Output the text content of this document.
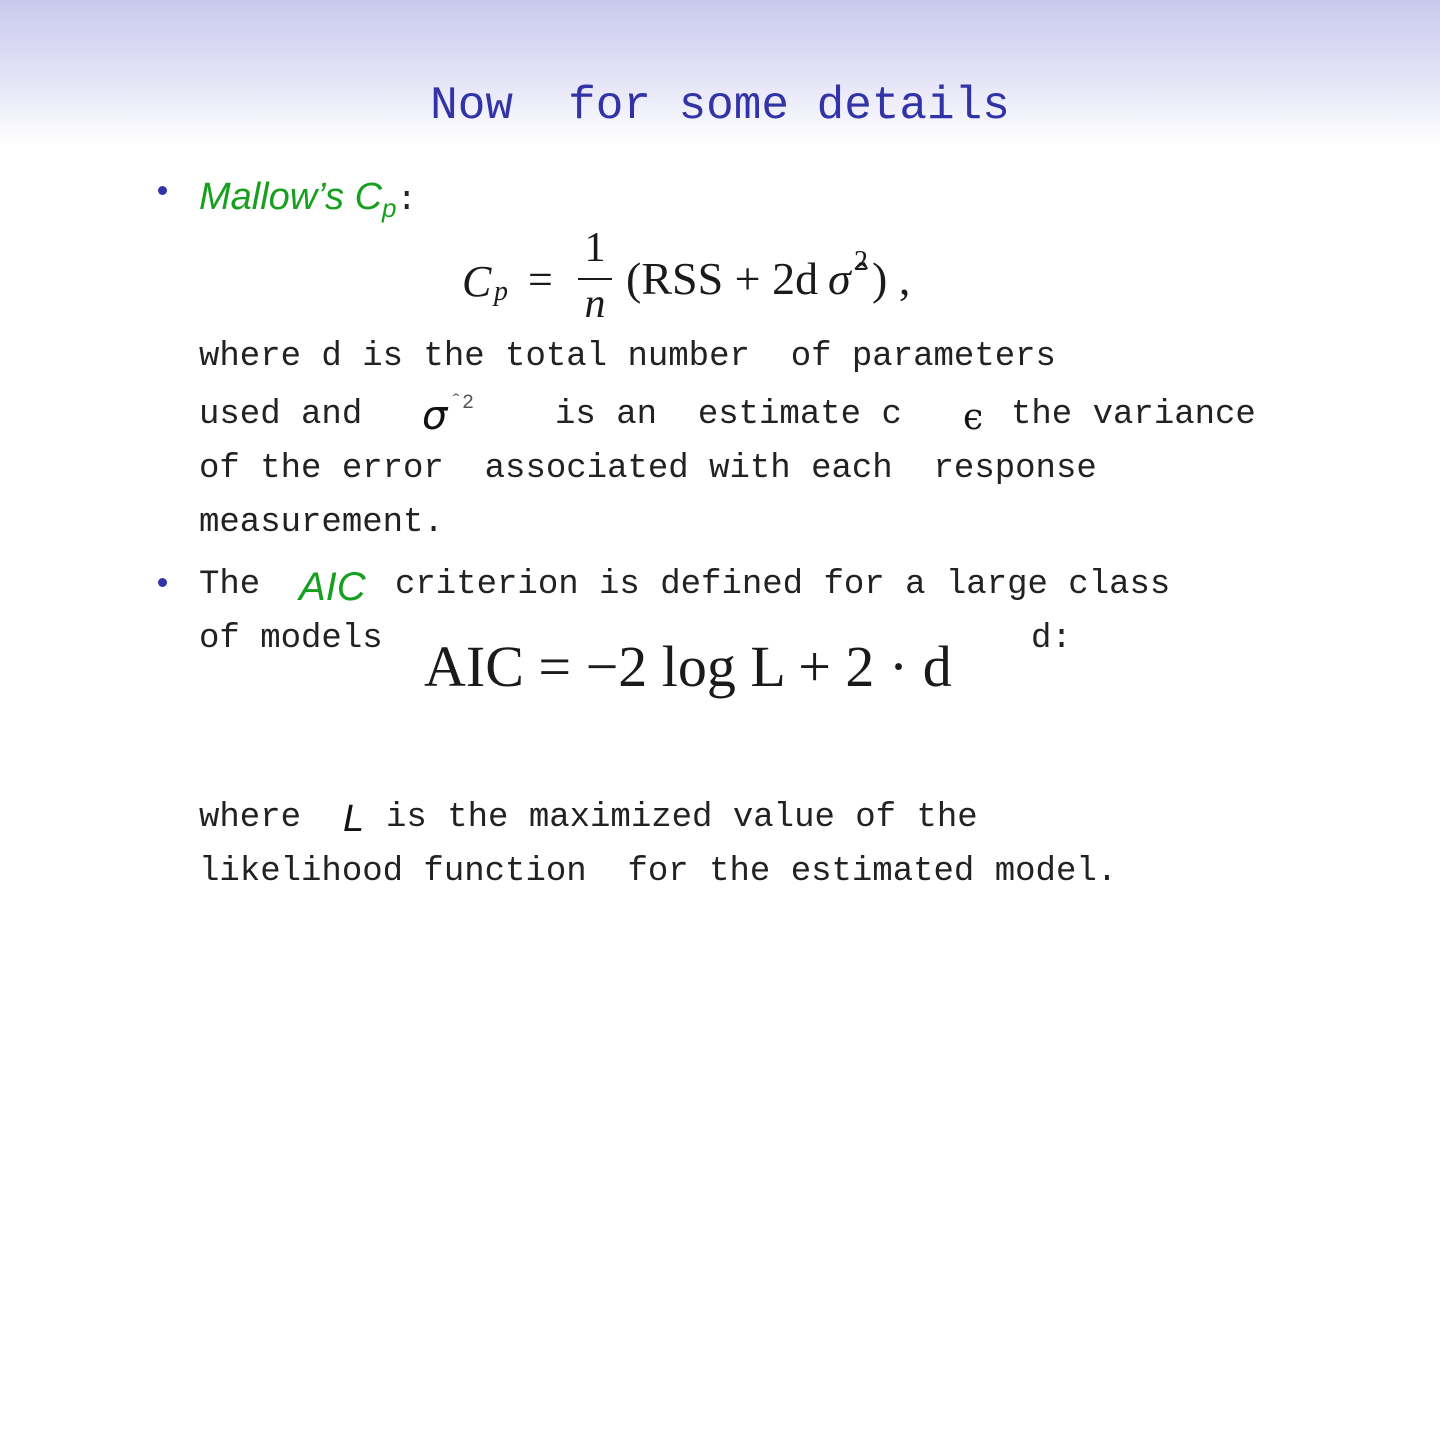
Now  for some details
Mallow’s $C_p$:
C p =
1
n (RSS + 2d σ̂ 2 ) ,
where d is the total number  of parameters
used and σ ˆ2 is an  estimate c ϵ the variance
of the error  associated with each  response
measurement.
The AIC criterion is defined for a large class
of models	d:
AIC = −2 log L + 2 · d
where L is the maximized value of the
likelihood function  for the estimated model.
